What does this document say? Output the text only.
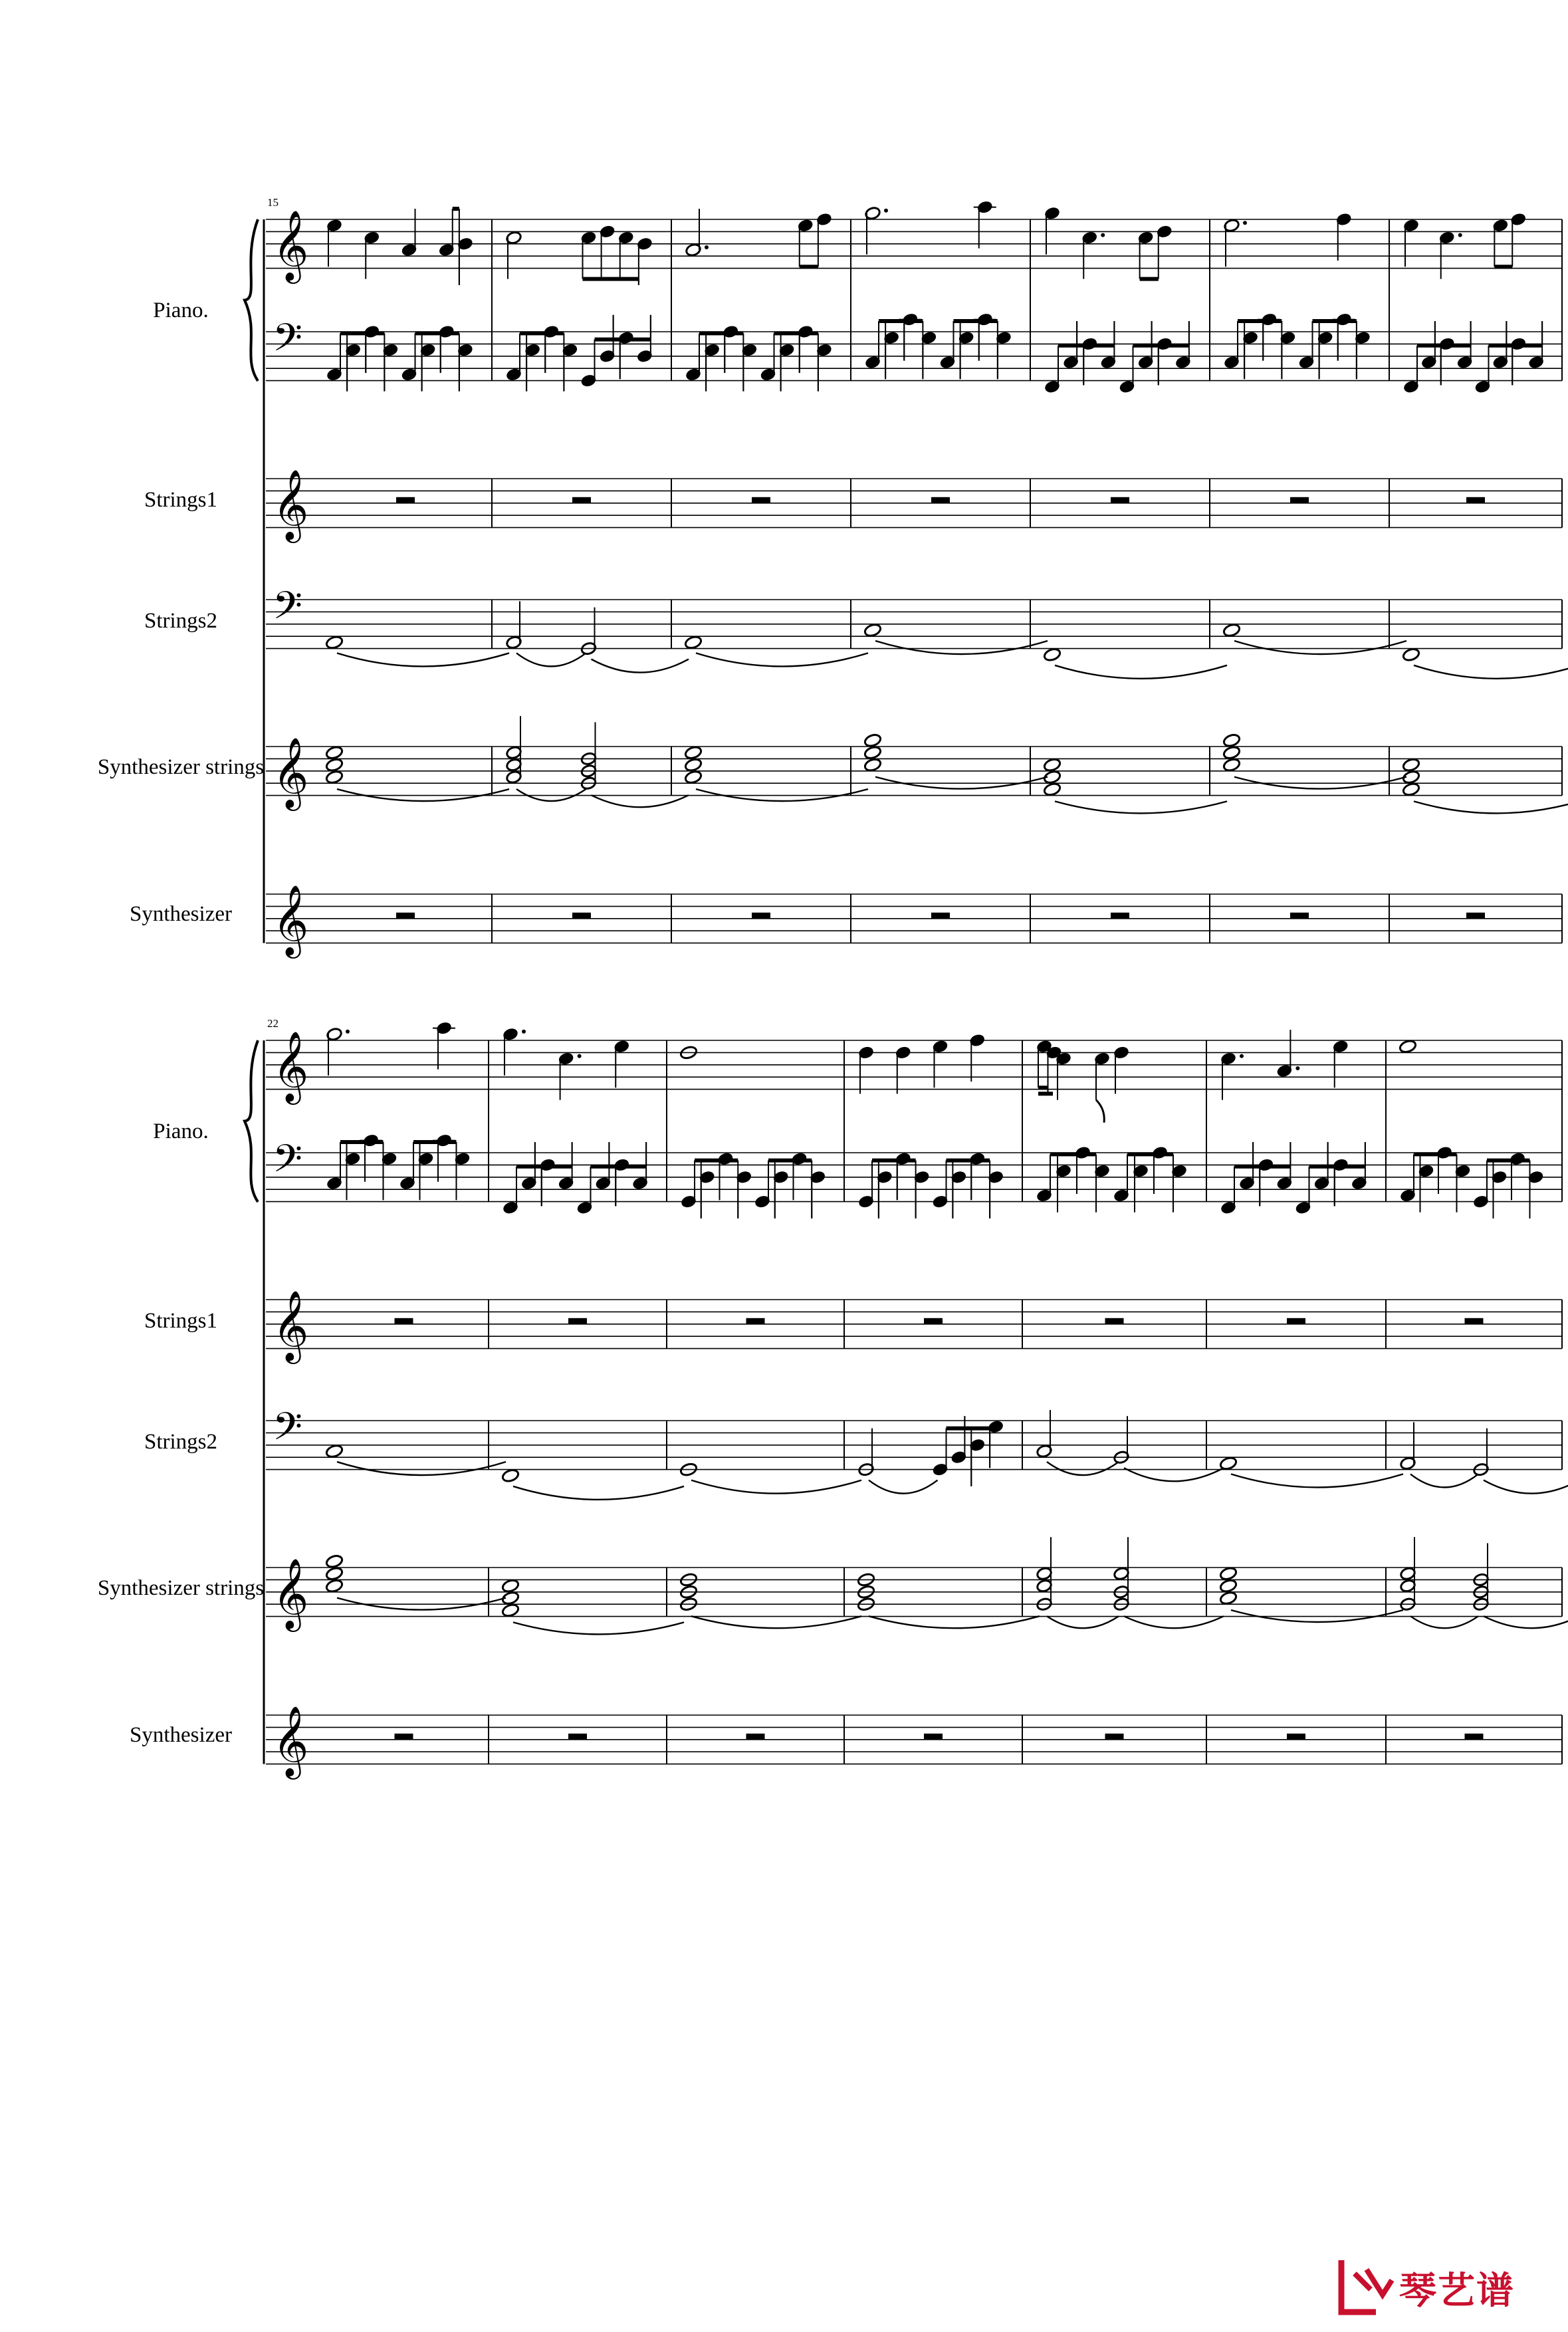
Piano.
Strings1
Strings2
Synthesizer strings
Synthesizer
15
𝄞
𝄢
𝄞
𝄢
𝄞
𝄞
Piano.
Strings1
Strings2
Synthesizer strings
Synthesizer
22
𝄞
𝄢
𝄞
𝄢
𝄞
𝄞
琴艺谱
